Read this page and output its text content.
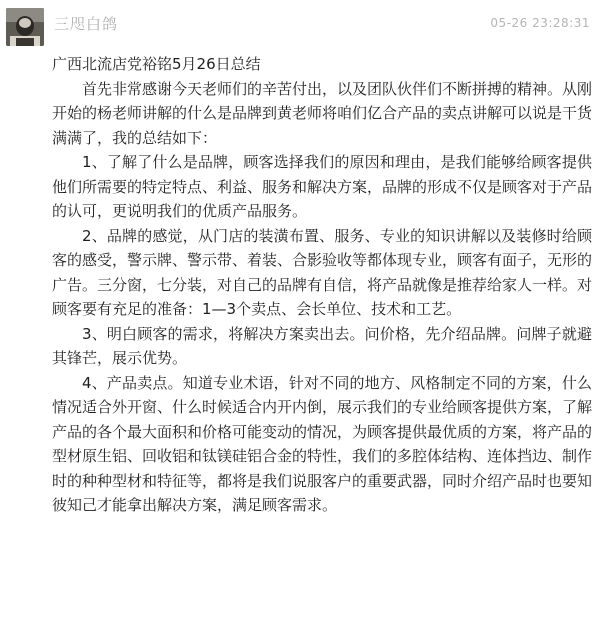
三咫白鸽	05-26 23:28:31

广西北流店党裕铭5月26日总结

首先非常感谢今天老师们的辛苦付出，以及团队伙伴们不断拼搏的精神。从刚开始的杨老师讲解的什么是品牌到黄老师将咱们亿合产品的卖点讲解可以说是干货满满了，我的总结如下：

1、了解了什么是品牌，顾客选择我们的原因和理由，是我们能够给顾客提供他们所需要的特定特点、利益、服务和解决方案，品牌的形成不仅是顾客对于产品的认可，更说明我们的优质产品服务。

2、品牌的感觉，从门店的装潢布置、服务、专业的知识讲解以及装修时给顾客的感受，警示牌、警示带、着装、合影验收等都体现专业，顾客有面子，无形的广告。三分窗，七分装，对自己的品牌有自信，将产品就像是推荐给家人一样。对顾客要有充足的准备：1—3个卖点、会长单位、技术和工艺。

3、明白顾客的需求，将解决方案卖出去。问价格，先介绍品牌。问牌子就避其锋芒，展示优势。

4、产品卖点。知道专业术语，针对不同的地方、风格制定不同的方案，什么情况适合外开窗、什么时候适合内开内倒，展示我们的专业给顾客提供方案，了解产品的各个最大面积和价格可能变动的情况，为顾客提供最优质的方案，将产品的型材原生铝、回收铝和钛镁硅铝合金的特性，我们的多腔体结构、连体挡边、制作时的种种型材和特征等，都将是我们说服客户的重要武器，同时介绍产品时也要知彼知己才能拿出解决方案，满足顾客需求。
